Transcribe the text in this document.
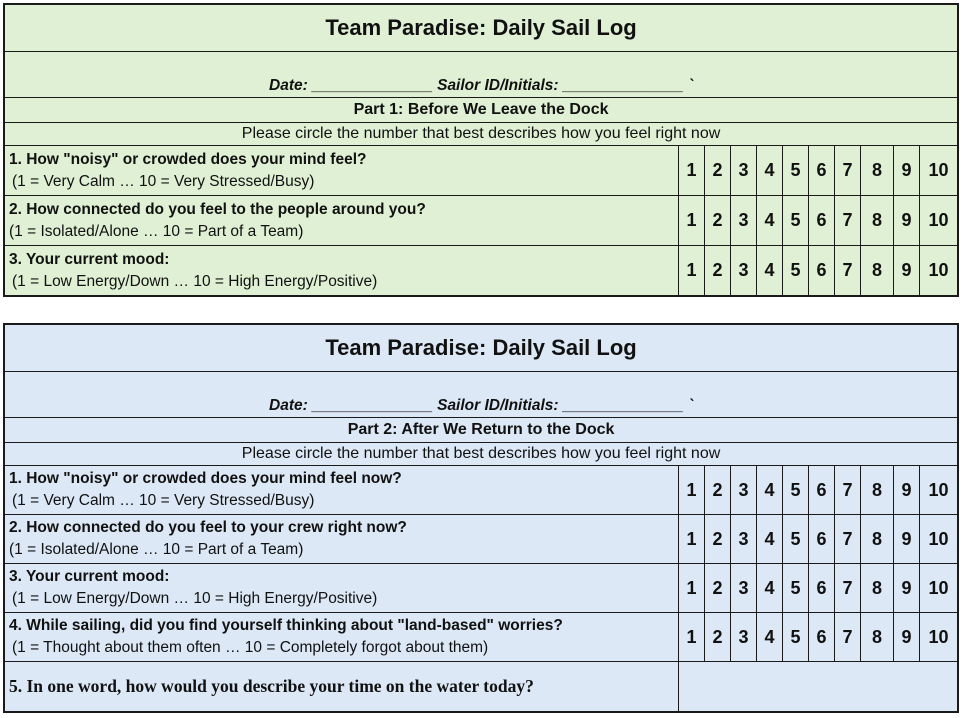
Team Paradise: Daily Sail Log										
Date: ______________ Sailor ID/Initials: ______________ `										
Part 1: Before We Leave the Dock										
Please circle the number that best describes how you feel right now										

1. How "noisy" or crowded does your mind feel?
(1 = Very Calm … 10 = Very Stressed/Busy)	1	2	3	4	5	6	7	8	9	10

2. How connected do you feel to the people around you?
(1 = Isolated/Alone … 10 = Part of a Team)	1	2	3	4	5	6	7	8	9	10

3. Your current mood:
(1 = Low Energy/Down … 10 = High Energy/Positive)	1	2	3	4	5	6	7	8	9	10
Team Paradise: Daily Sail Log										
Date: ______________ Sailor ID/Initials: ______________ `										
Part 2: After We Return to the Dock										
Please circle the number that best describes how you feel right now										

1. How "noisy" or crowded does your mind feel now?
(1 = Very Calm … 10 = Very Stressed/Busy)	1	2	3	4	5	6	7	8	9	10

2. How connected do you feel to your crew right now?
(1 = Isolated/Alone … 10 = Part of a Team)	1	2	3	4	5	6	7	8	9	10

3. Your current mood:
(1 = Low Energy/Down … 10 = High Energy/Positive)	1	2	3	4	5	6	7	8	9	10

4. While sailing, did you find yourself thinking about "land-based" worries?
(1 = Thought about them often … 10 = Completely forgot about them)	1	2	3	4	5	6	7	8	9	10
5. In one word, how would you describe your time on the water today?										
